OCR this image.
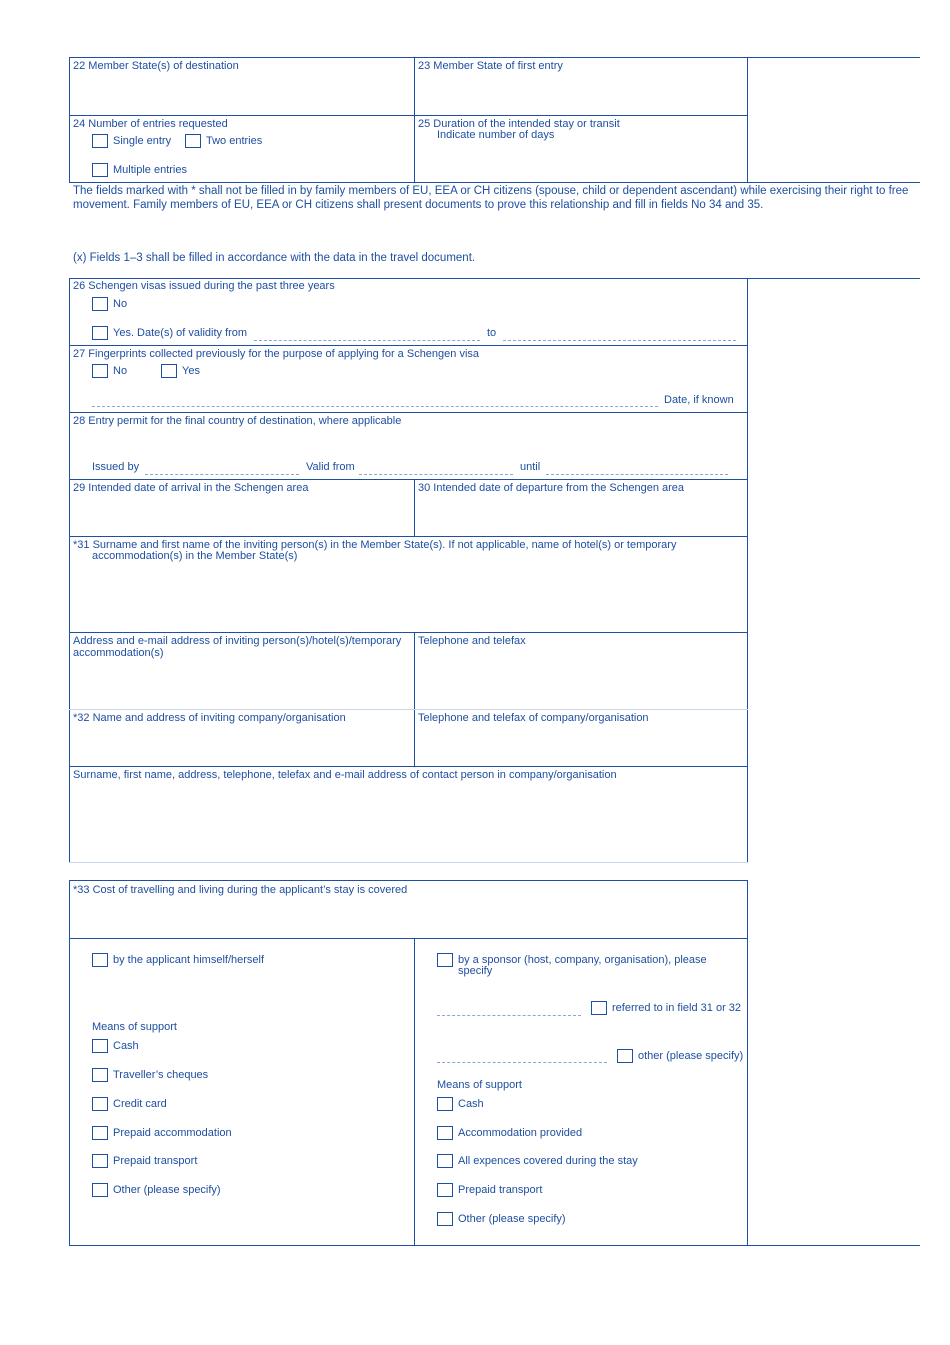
22 Member State(s) of destination	23 Member State of first entry
24 Number of entries requested
Single entry	Two entries
Multiple entries
25 Duration of the intended stay or transit
Indicate number of days
The fields marked with * shall not be filled in by family members of EU, EEA or CH citizens (spouse, child or dependent ascendant) while exercising their right to free movement. Family members of EU, EEA or CH citizens shall present documents to prove this relationship and fill in fields No 34 and 35.
(x) Fields 1–3 shall be filled in accordance with the data in the travel document.
26 Schengen visas issued during the past three years
No
Yes. Date(s) of validity from	to
27 Fingerprints collected previously for the purpose of applying for a Schengen visa
No	Yes
Date, if known
28 Entry permit for the final country of destination, where applicable
Issued by	Valid from	until
29 Intended date of arrival in the Schengen area	30 Intended date of departure from the Schengen area
*31 Surname and first name of the inviting person(s) in the Member State(s). If not applicable, name of hotel(s) or temporary
accommodation(s) in the Member State(s)
Address and e-mail address of inviting person(s)/hotel(s)/temporary
accommodation(s)
Telephone and telefax
*32 Name and address of inviting company/organisation	Telephone and telefax of company/organisation
Surname, first name, address, telephone, telefax and e-mail address of contact person in company/organisation
*33 Cost of travelling and living during the applicant’s stay is covered
by the applicant himself/herself
Means of support
Cash
Traveller’s cheques
Credit card
Prepaid accommodation
Prepaid transport
Other (please specify)
by a sponsor (host, company, organisation), please
specify
referred to in field 31 or 32
other (please specify)
Means of support
Cash
Accommodation provided
All expences covered during the stay
Prepaid transport
Other (please specify)
